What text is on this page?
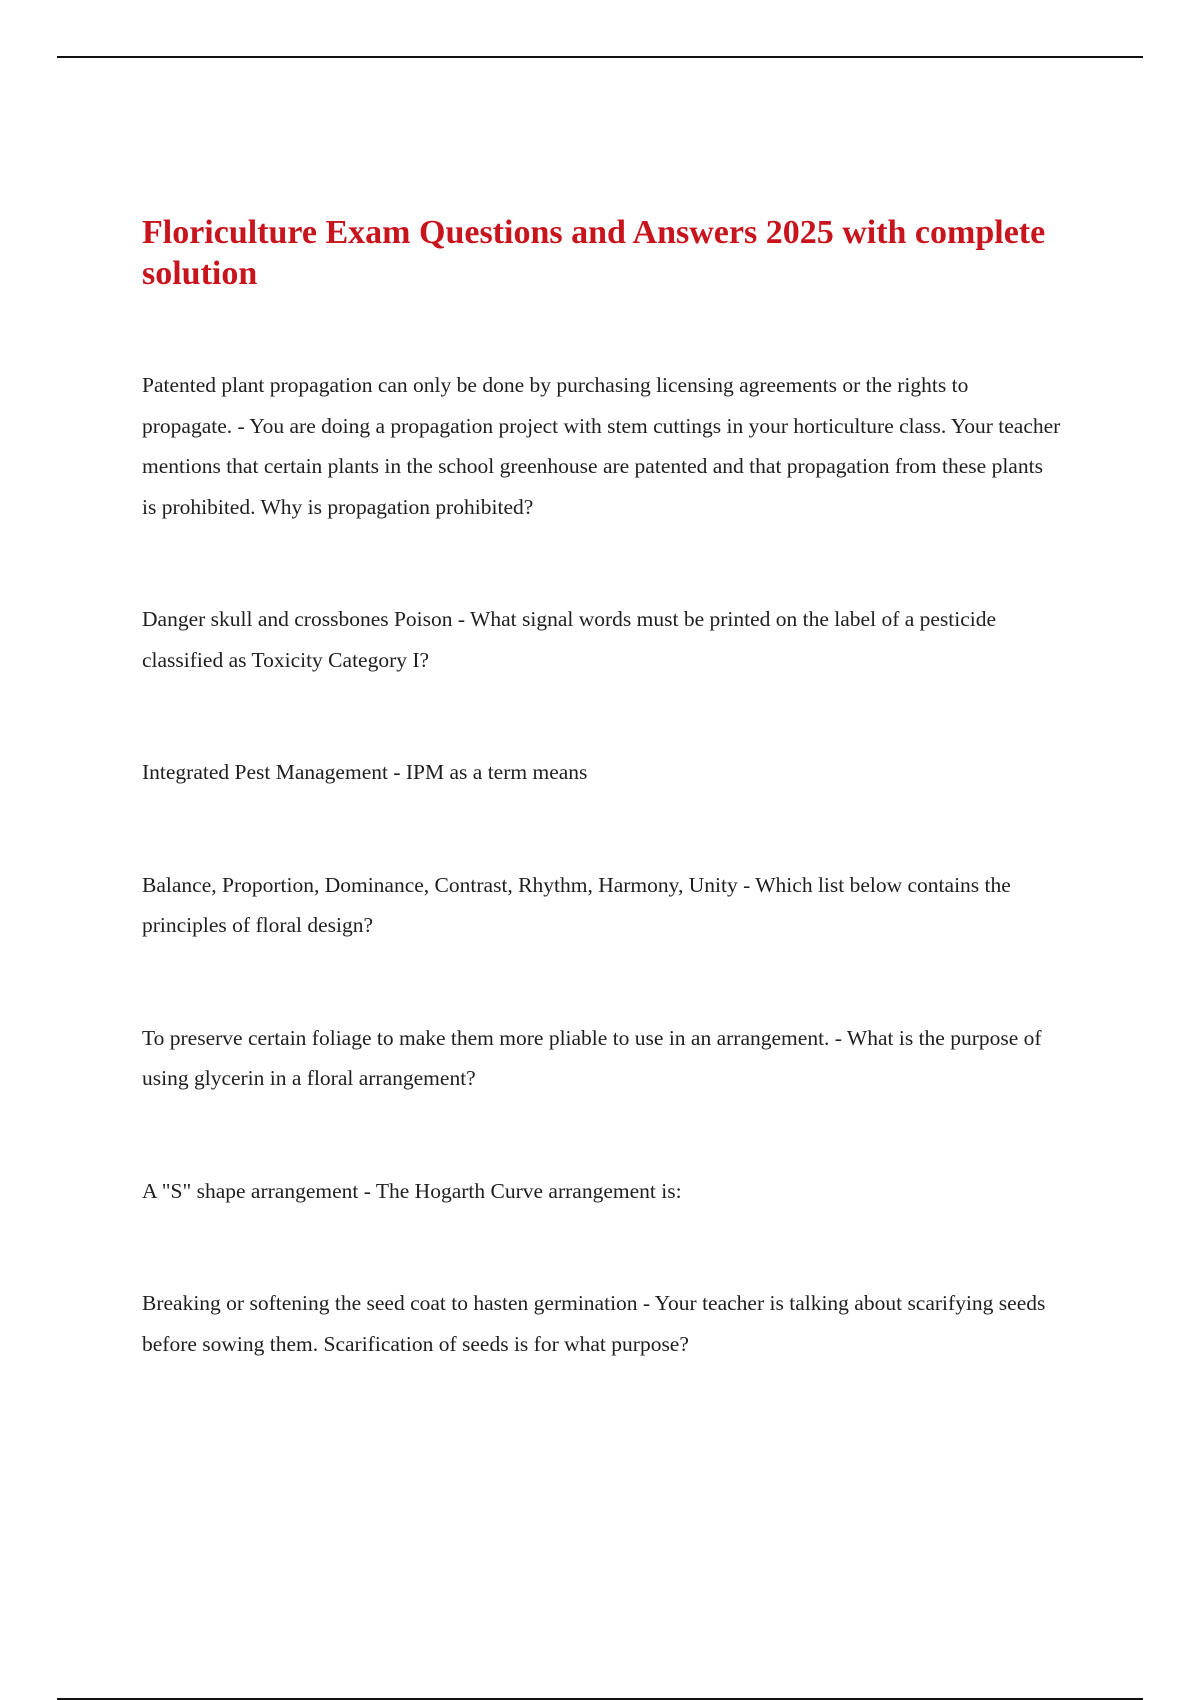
Floriculture Exam Questions and Answers 2025 with complete solution
Patented plant propagation can only be done by purchasing licensing agreements or the rights to propagate. - You are doing a propagation project with stem cuttings in your horticulture class. Your teacher mentions that certain plants in the school greenhouse are patented and that propagation from these plants is prohibited. Why is propagation prohibited?
Danger skull and crossbones Poison - What signal words must be printed on the label of a pesticide classified as Toxicity Category I?
Integrated Pest Management - IPM as a term means
Balance, Proportion, Dominance, Contrast, Rhythm, Harmony, Unity - Which list below contains the principles of floral design?
To preserve certain foliage to make them more pliable to use in an arrangement. - What is the purpose of using glycerin in a floral arrangement?
A "S" shape arrangement - The Hogarth Curve arrangement is:
Breaking or softening the seed coat to hasten germination - Your teacher is talking about scarifying seeds before sowing them. Scarification of seeds is for what purpose?
